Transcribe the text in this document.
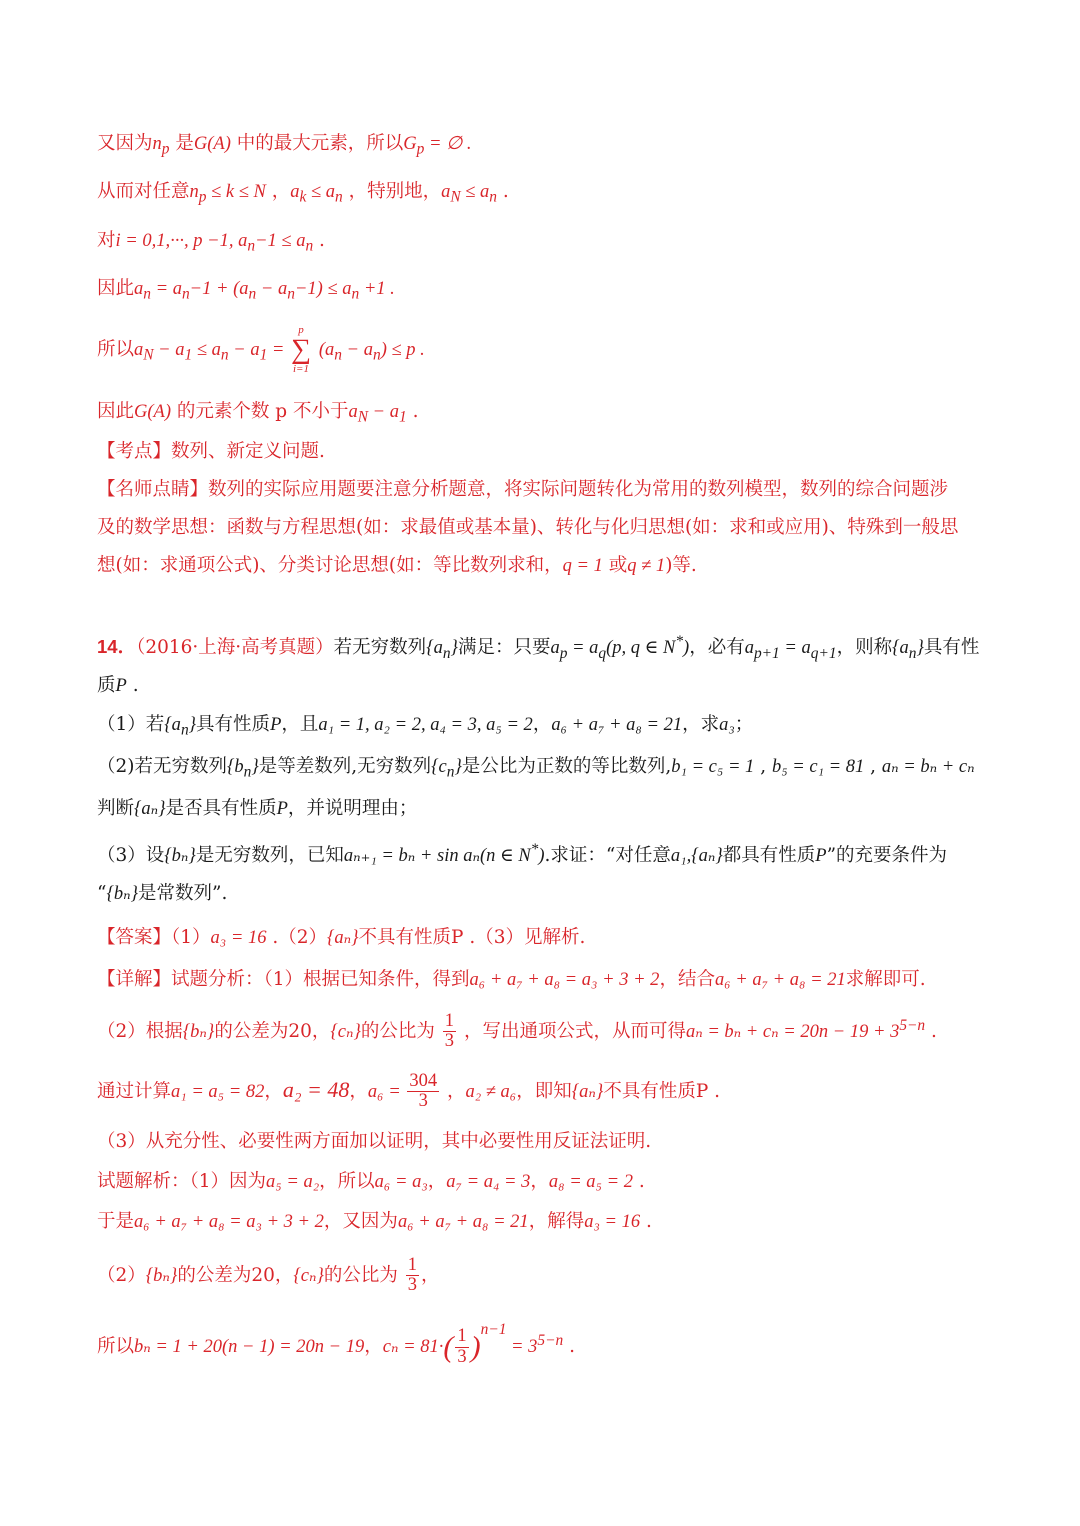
又因为$n_p$ 是G(A) 中的最大元素，所以$G_p$ = ∅ .
从而对任意$n_p \le k \le N$ ，$a_k \le a_n$ ，特别地，$a_N \le a_n$ .
对i = 0,1,···, p −1, $a_n-1 \le a_n$ .
因此$a_n = a_n-1 + (a_n - a_n-1) \le a_n +1$ .
所以$a_N - a_1 \le a_n - a_1$ =
p
∑
i=1
$(a_n - a_n) \le p$ .
因此G(A) 的元素个数 p 不小于$a_N - a_1$ .
【考点】数列、新定义问题.
【名师点睛】数列的实际应用题要注意分析题意，将实际问题转化为常用的数列模型，数列的综合问题涉
及的数学思想：函数与方程思想(如：求最值或基本量)、转化与化归思想(如：求和或应用)、特殊到一般思
想(如：求通项公式)、分类讨论思想(如：等比数列求和，q = 1 或q ≠ 1)等.
14．（2016·上海·高考真题）若无穷数列$\{a_n\}$满足：只要$a_p = a_q(p$, q ∈ N*)，必有$a_{p+1} = a_{q+1}$，则称$\{a_n\}$具有性
质P .
（1）若$\{a_n\}$具有性质P，且a₁ = 1, a₂ = 2, a₄ = 3, a₅ = 2，a₆ + a₇ + a₈ = 21，求a₃；
（2)若无穷数列$\{b_n\}$是等差数列,无穷数列$\{c_n\}$是公比为正数的等比数列,b₁ = c₅ = 1 , b₅ = c₁ = 81 , aₙ = bₙ + cₙ
判断{aₙ}是否具有性质P，并说明理由；
（3）设{bₙ}是无穷数列，已知aₙ₊₁ = bₙ + sin aₙ(n ∈ N*).求证：“对任意a₁,{aₙ}都具有性质P”的充要条件为
“{bₙ}是常数列”.
【答案】（1）a₃ = 16 .（2）{aₙ}不具有性质P .（3）见解析.
【详解】试题分析：（1）根据已知条件，得到a₆ + a₇ + a₈ = a₃ + 3 + 2，结合a₆ + a₇ + a₈ = 21求解即可.
（2）根据{bₙ}的公差为20，{cₙ}的公比为 $\frac{1}{3}$ ，写出通项公式，从而可得$a_n = b_n + c_n = 20n - 19 + 3^{5-n}$ .
通过计算a₁ = a₅ = 82，a₂ = 48，$a_6 = \frac{304}{3}$ ，a₂ ≠ a₆，即知{aₙ}不具有性质P .
（3）从充分性、必要性两方面加以证明，其中必要性用反证法证明.
试题解析：（1）因为a₅ = a₂，所以a₆ = a₃，a₇ = a₄ = 3，a₈ = a₅ = 2 .
于是a₆ + a₇ + a₈ = a₃ + 3 + 2，又因为a₆ + a₇ + a₈ = 21，解得a₃ = 16 .
（2）{bₙ}的公差为20，{cₙ}的公比为 $\frac{1}{3}$ ，
所以bₙ = 1 + 20(n − 1) = 20n − 19，$c_n = 81\cdot( \frac{1}{3} )^{n-1} = 3^{5-n}$ .
